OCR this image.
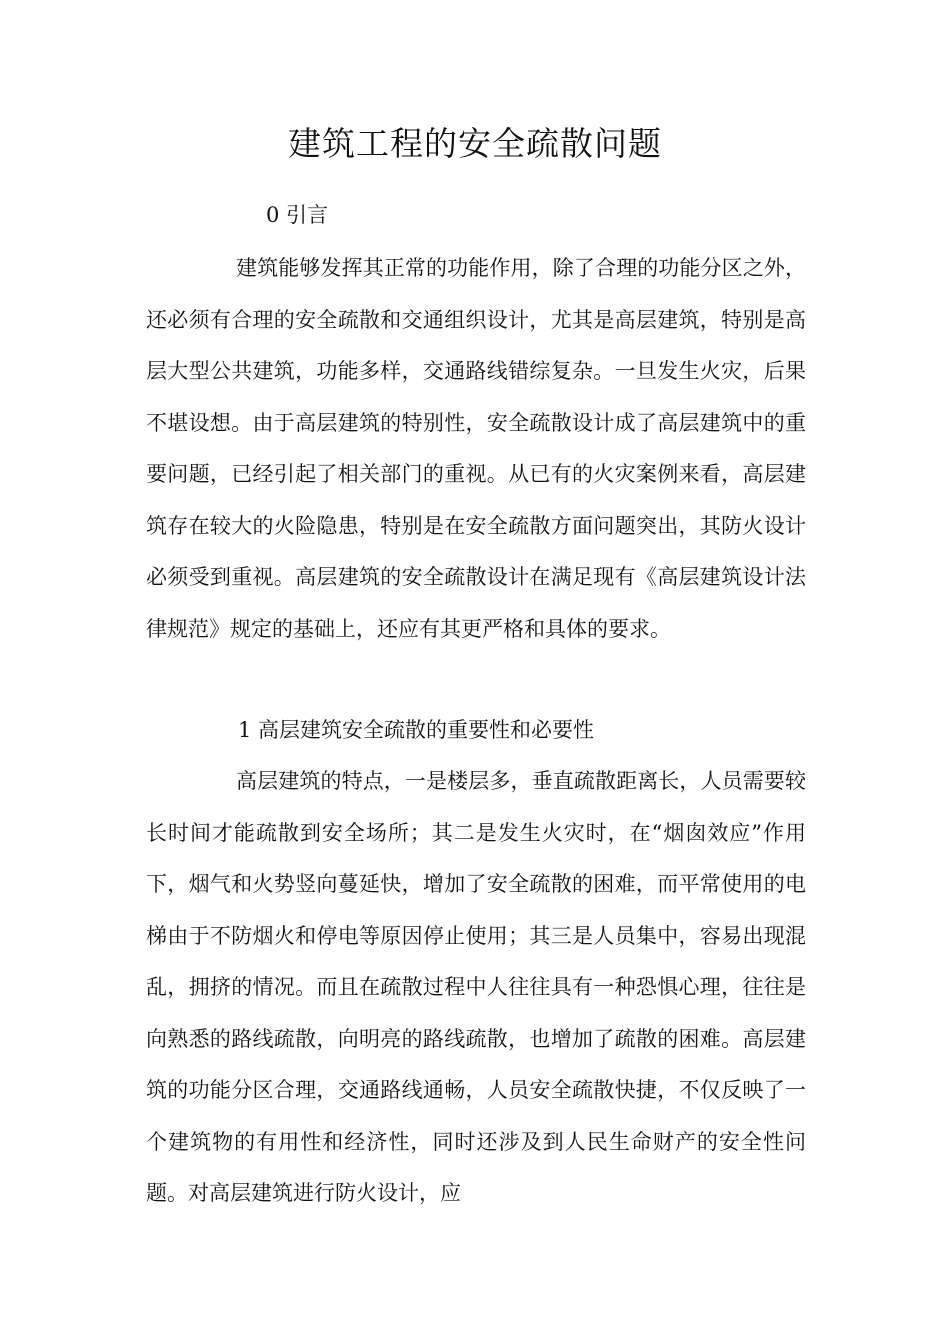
建筑工程的安全疏散问题
0 引言

建筑能够发挥其正常的功能作用，除了合理的功能分区之外，还必须有合理的安全疏散和交通组织设计，尤其是高层建筑，特别是高层大型公共建筑，功能多样，交通路线错综复杂。一旦发生火灾，后果不堪设想。由于高层建筑的特别性，安全疏散设计成了高层建筑中的重要问题，已经引起了相关部门的重视。从已有的火灾案例来看，高层建筑存在较大的火险隐患，特别是在安全疏散方面问题突出，其防火设计必须受到重视。高层建筑的安全疏散设计在满足现有《高层建筑设计法律规范》规定的基础上，还应有其更严格和具体的要求。

1 高层建筑安全疏散的重要性和必要性

高层建筑的特点，一是楼层多，垂直疏散距离长，人员需要较长时间才能疏散到安全场所；其二是发生火灾时，在“烟囱效应”作用下，烟气和火势竖向蔓延快，增加了安全疏散的困难，而平常使用的电梯由于不防烟火和停电等原因停止使用；其三是人员集中，容易出现混乱，拥挤的情况。而且在疏散过程中人往往具有一种恐惧心理，往往是向熟悉的路线疏散，向明亮的路线疏散，也增加了疏散的困难。高层建筑的功能分区合理，交通路线通畅，人员安全疏散快捷，不仅反映了一个建筑物的有用性和经济性，同时还涉及到人民生命财产的安全性问题。对高层建筑进行防火设计，应
